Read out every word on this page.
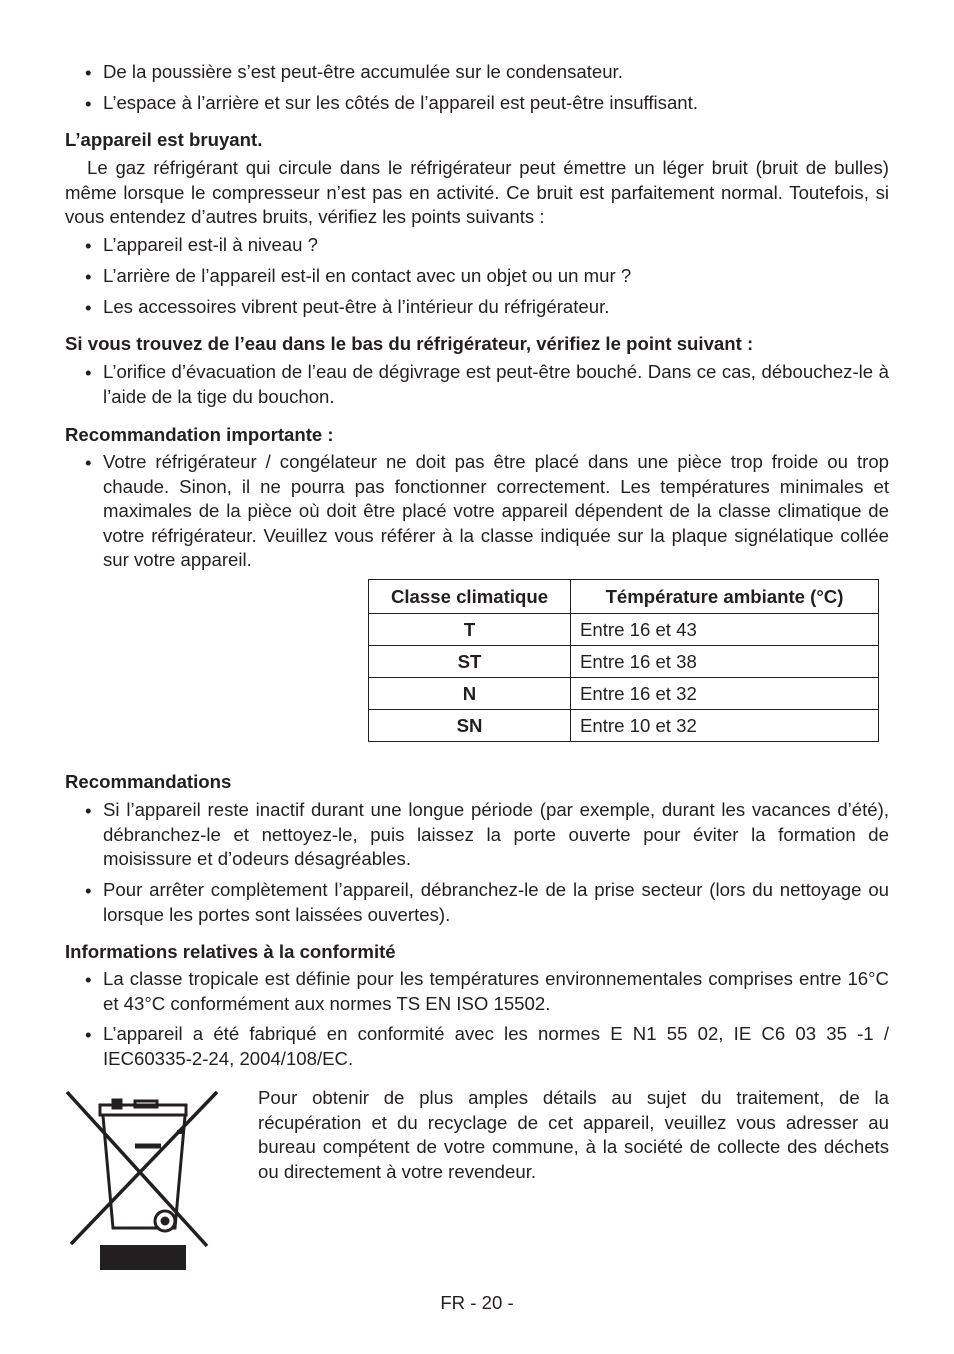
• De la poussière s’est peut-être accumulée sur le condensateur.
• L’espace à l’arrière et sur les côtés de l’appareil est peut-être insuffisant.
L’appareil est bruyant.
Le gaz réfrigérant qui circule dans le réfrigérateur peut émettre un léger bruit (bruit de bulles) même lorsque le compresseur n’est pas en activité. Ce bruit est parfaitement normal. Toutefois, si vous entendez d’autres bruits, vérifiez les points suivants :
• L’appareil est-il à niveau ?
• L’arrière de l’appareil est-il en contact avec un objet ou un mur ?
• Les accessoires vibrent peut-être à l’intérieur du réfrigérateur.
Si vous trouvez de l’eau dans le bas du réfrigérateur, vérifiez le point suivant :
• L’orifice d’évacuation de l’eau de dégivrage est peut-être bouché. Dans ce cas, débouchez-le à l’aide de la tige du bouchon.
Recommandation importante :
• Votre réfrigérateur / congélateur ne doit pas être placé dans une pièce trop froide ou trop chaude. Sinon, il ne pourra pas fonctionner correctement. Les températures minimales et maximales de la pièce où doit être placé votre appareil dépendent de la classe climatique de votre réfrigérateur. Veuillez vous référer à la classe indiquée sur la plaque signélatique collée sur votre appareil.
Classe climatique	Témpérature ambiante (°C)
T	Entre 16 et 43
ST	Entre 16 et 38
N	Entre 16 et 32
SN	Entre 10 et 32
Recommandations
• Si l’appareil reste inactif durant une longue période (par exemple, durant les vacances d’été), débranchez-le et nettoyez-le, puis laissez la porte ouverte pour éviter la formation de moisissure et d’odeurs désagréables.
• Pour arrêter complètement l’appareil, débranchez-le de la prise secteur (lors du nettoyage ou lorsque les portes sont laissées ouvertes).
Informations relatives à la conformité
• La classe tropicale est définie pour les températures environnementales comprises entre 16°C et 43°C conformément aux normes TS EN ISO 15502.
• L’appareil a été fabriqué en conformité avec les normes E N1 55 02, IE C6 03 35 -1 / IEC60335-2-24, 2004/108/EC.
Pour obtenir de plus amples détails au sujet du traitement, de la récupération et du recyclage de cet appareil, veuillez vous adresser au bureau compétent de votre commune, à la société de collecte des déchets ou directement à votre revendeur.
FR - 20 -
